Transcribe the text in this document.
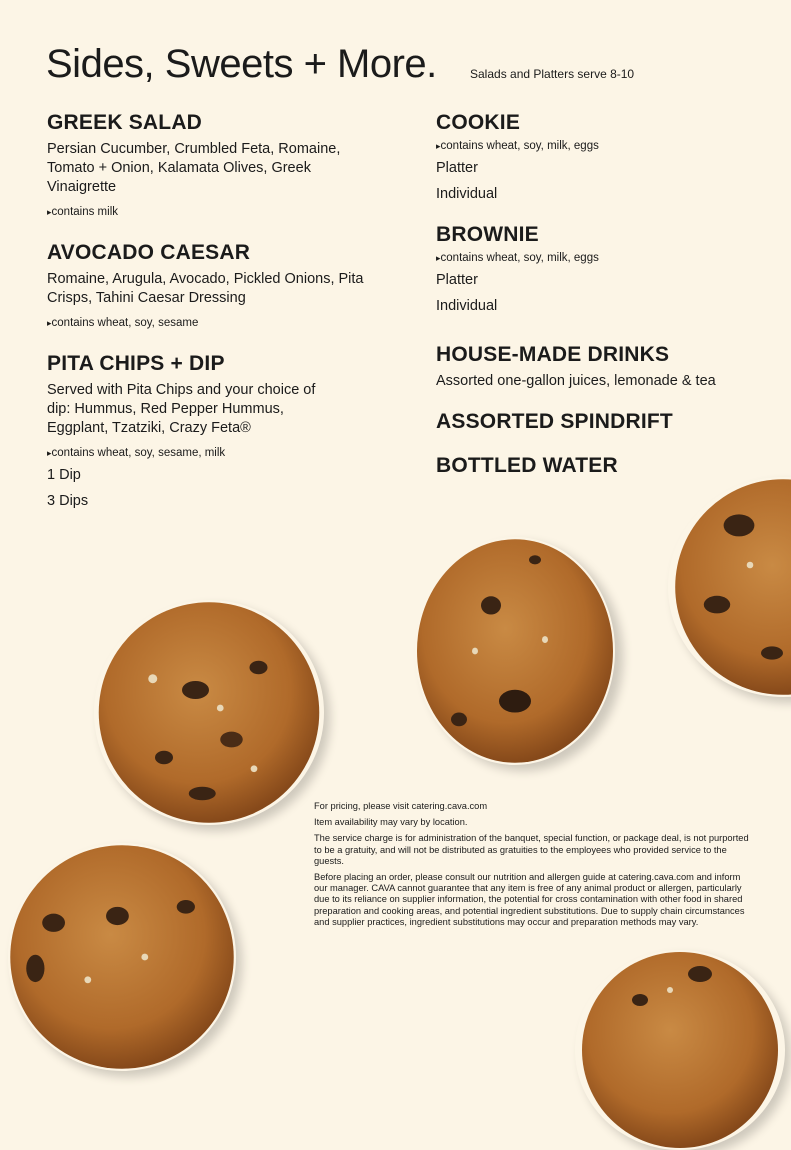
Sides, Sweets + More.	Salads and Platters serve 8-10
GREEK SALAD
Persian Cucumber, Crumbled Feta, Romaine, Tomato + Onion, Kalamata Olives, Greek Vinaigrette
▸ contains milk
AVOCADO CAESAR
Romaine, Arugula, Avocado, Pickled Onions, Pita Crisps, Tahini Caesar Dressing
▸ contains wheat, soy, sesame
PITA CHIPS + DIP
Served with Pita Chips and your choice of dip: Hummus, Red Pepper Hummus, Eggplant, Tzatziki, Crazy Feta®
▸ contains wheat, soy, sesame, milk
1 Dip
3 Dips
COOKIE
▸ contains wheat, soy, milk, eggs
Platter
Individual
BROWNIE
▸ contains wheat, soy, milk, eggs
Platter
Individual
HOUSE-MADE DRINKS
Assorted one-gallon juices, lemonade & tea
ASSORTED SPINDRIFT
BOTTLED WATER

For pricing, please visit catering.cava.com

Item availability may vary by location.

The service charge is for administration of the banquet, special function, or package deal, is not purported to be a gratuity, and will not be distributed as gratuities to the employees who provided service to the guests.

Before placing an order, please consult our nutrition and allergen guide at catering.cava.com and inform our manager. CAVA cannot guarantee that any item is free of any animal product or allergen, particularly due to its reliance on supplier information, the potential for cross contamination with other food in shared preparation and cooking areas, and potential ingredient substitutions. Due to supply chain circumstances and supplier practices, ingredient substitutions may occur and preparation methods may vary.
